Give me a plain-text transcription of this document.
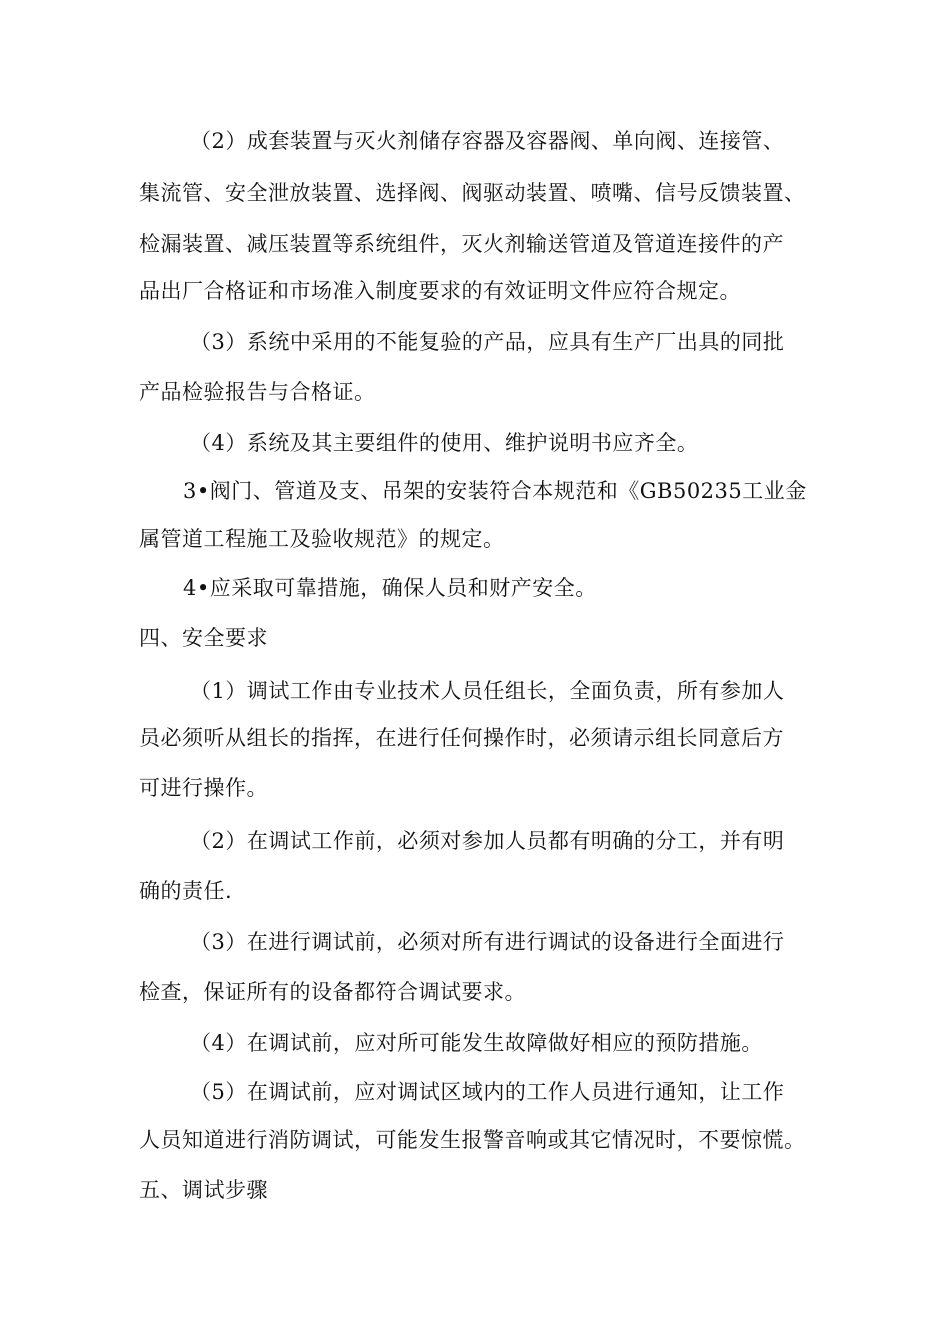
（2）成套装置与灭火剂储存容器及容器阀、单向阀、连接管、
集流管、安全泄放装置、选择阀、阀驱动装置、喷嘴、信号反馈装置、
检漏装置、减压装置等系统组件，灭火剂输送管道及管道连接件的产
品出厂合格证和市场准入制度要求的有效证明文件应符合规定。
（3）系统中采用的不能复验的产品，应具有生产厂出具的同批
产品检验报告与合格证。
（4）系统及其主要组件的使用、维护说明书应齐全。
3•阀门、管道及支、吊架的安装符合本规范和《GB50235工业金
属管道工程施工及验收规范》的规定。
4•应采取可靠措施，确保人员和财产安全。
四、安全要求
（1）调试工作由专业技术人员任组长，全面负责，所有参加人
员必须听从组长的指挥，在进行任何操作时，必须请示组长同意后方
可进行操作。
（2）在调试工作前，必须对参加人员都有明确的分工，并有明
确的责任.
（3）在进行调试前，必须对所有进行调试的设备进行全面进行
检查，保证所有的设备都符合调试要求。
（4）在调试前，应对所可能发生故障做好相应的预防措施。
（5）在调试前，应对调试区域内的工作人员进行通知，让工作
人员知道进行消防调试，可能发生报警音响或其它情况时，不要惊慌。
五、调试步骤
